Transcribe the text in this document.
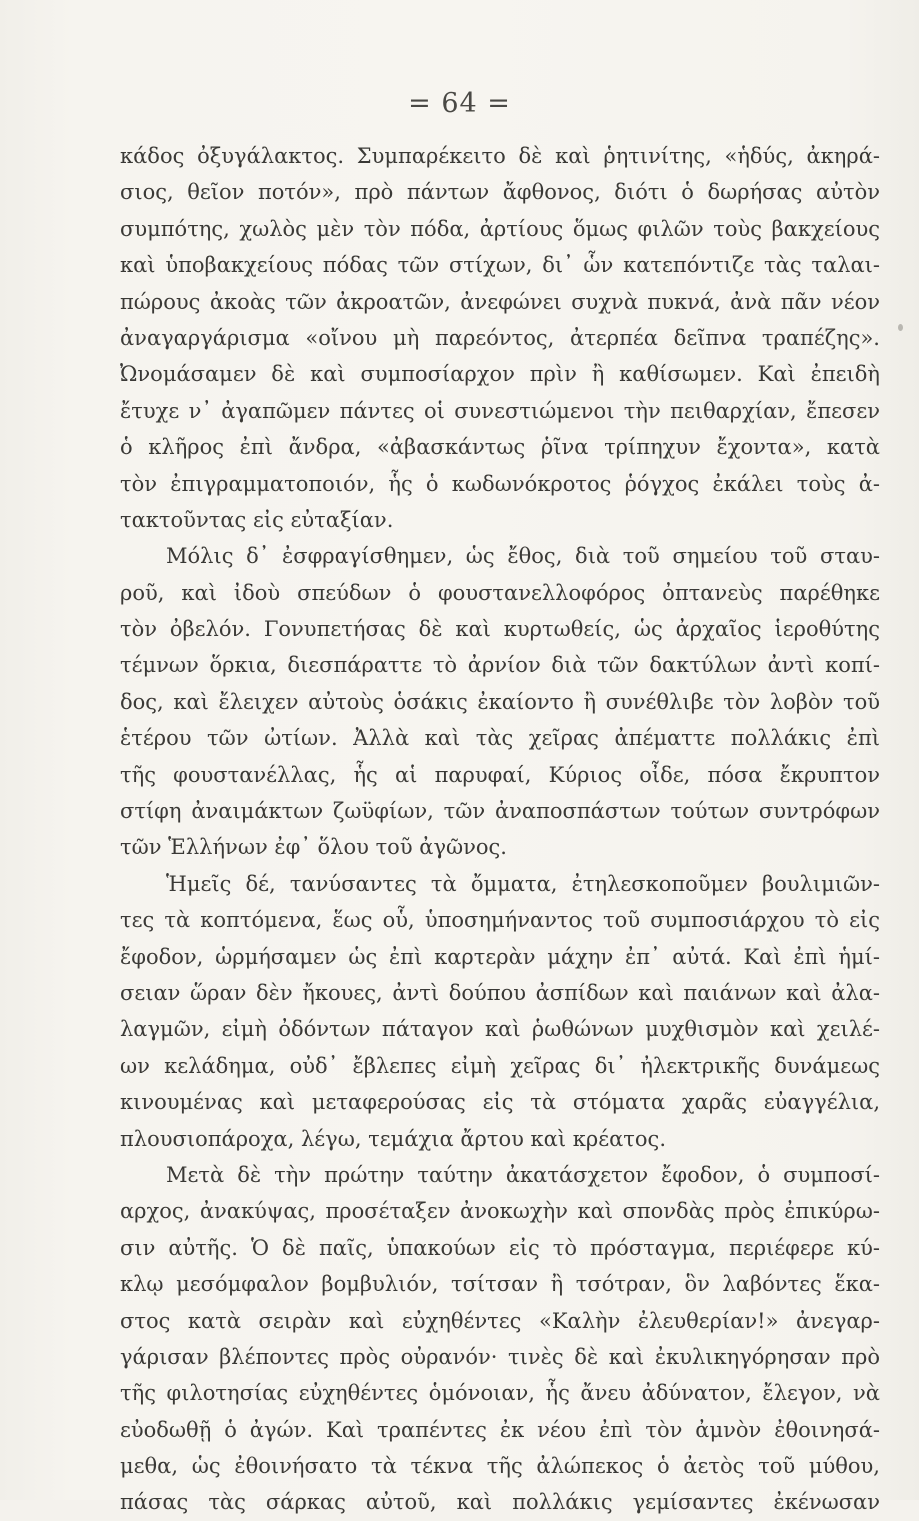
= 64 =
κάδος ὀξυγάλακτος. Συμπαρέκειτο δὲ καὶ ῥητινίτης, «ἡδύς, ἀκηρά-
σιος, θεῖον ποτόν», πρὸ πάντων ἄφθονος, διότι ὁ δωρήσας αὐτὸν
συμπότης, χωλὸς μὲν τὸν πόδα, ἀρτίους ὅμως φιλῶν τοὺς βακχείους
καὶ ὑποβακχείους πόδας τῶν στίχων, δι᾿ ὧν κατεπόντιζε τὰς ταλαι-
πώρους ἀκοὰς τῶν ἀκροατῶν, ἀνεφώνει συχνὰ πυκνά, ἀνὰ πᾶν νέον
ἀναγαργάρισμα «οἴνου μὴ παρεόντος, ἀτερπέα δεῖπνα τραπέζης».
Ὠνομάσαμεν δὲ καὶ συμποσίαρχον πρὶν ἢ καθίσωμεν. Καὶ ἐπειδὴ
ἔτυχε ν᾿ ἀγαπῶμεν πάντες οἱ συνεστιώμενοι τὴν πειθαρχίαν, ἔπεσεν
ὁ κλῆρος ἐπὶ ἄνδρα, «ἀβασκάντως ῥῖνα τρίπηχυν ἔχοντα», κατὰ
τὸν ἐπιγραμματοποιόν, ἧς ὁ κωδωνόκροτος ῥόγχος ἐκάλει τοὺς ἀ-
τακτοῦντας εἰς εὐταξίαν.
Μόλις δ᾿ ἐσφραγίσθημεν, ὡς ἔθος, διὰ τοῦ σημείου τοῦ σταυ-
ροῦ, καὶ ἰδοὺ σπεύδων ὁ φουστανελλοφόρος ὀπτανεὺς παρέθηκε
τὸν ὀβελόν. Γονυπετήσας δὲ καὶ κυρτωθείς, ὡς ἀρχαῖος ἱεροθύτης
τέμνων ὅρκια, διεσπάραττε τὸ ἀρνίον διὰ τῶν δακτύλων ἀντὶ κοπί-
δος, καὶ ἔλειχεν αὐτοὺς ὁσάκις ἐκαίοντο ἢ συνέθλιβε τὸν λοβὸν τοῦ
ἑτέρου τῶν ὠτίων. Ἀλλὰ καὶ τὰς χεῖρας ἀπέματτε πολλάκις ἐπὶ
τῆς φουστανέλλας, ἧς αἱ παρυφαί, Κύριος οἶδε, πόσα ἔκρυπτον
στίφη ἀναιμάκτων ζωϋφίων, τῶν ἀναποσπάστων τούτων συντρόφων
τῶν Ἑλλήνων ἐφ᾿ ὅλου τοῦ ἀγῶνος.
Ἡμεῖς δέ, τανύσαντες τὰ ὄμματα, ἐτηλεσκοποῦμεν βουλιμιῶν-
τες τὰ κοπτόμενα, ἕως οὗ, ὑποσημήναντος τοῦ συμποσιάρχου τὸ εἰς
ἔφοδον, ὡρμήσαμεν ὡς ἐπὶ καρτερὰν μάχην ἐπ᾿ αὐτά. Καὶ ἐπὶ ἡμί-
σειαν ὥραν δὲν ἤκουες, ἀντὶ δούπου ἀσπίδων καὶ παιάνων καὶ ἀλα-
λαγμῶν, εἰμὴ ὀδόντων πάταγον καὶ ῥωθώνων μυχθισμὸν καὶ χειλέ-
ων κελάδημα, οὐδ᾿ ἔβλεπες εἰμὴ χεῖρας δι᾿ ἠλεκτρικῆς δυνάμεως
κινουμένας καὶ μεταφερούσας εἰς τὰ στόματα χαρᾶς εὐαγγέλια,
πλουσιοπάροχα, λέγω, τεμάχια ἄρτου καὶ κρέατος.
Μετὰ δὲ τὴν πρώτην ταύτην ἀκατάσχετον ἔφοδον, ὁ συμποσί-
αρχος, ἀνακύψας, προσέταξεν ἀνοκωχὴν καὶ σπονδὰς πρὸς ἐπικύρω-
σιν αὐτῆς. Ὁ δὲ παῖς, ὑπακούων εἰς τὸ πρόσταγμα, περιέφερε κύ-
κλῳ μεσόμφαλον βομβυλιόν, τσίτσαν ἢ τσότραν, ὃν λαβόντες ἕκα-
στος κατὰ σειρὰν καὶ εὐχηθέντες «Καλὴν ἐλευθερίαν!» ἀνεγαρ-
γάρισαν βλέποντες πρὸς οὐρανόν· τινὲς δὲ καὶ ἐκυλικηγόρησαν πρὸ
τῆς φιλοτησίας εὐχηθέντες ὁμόνοιαν, ἧς ἄνευ ἀδύνατον, ἔλεγον, νὰ
εὐοδωθῇ ὁ ἀγών. Καὶ τραπέντες ἐκ νέου ἐπὶ τὸν ἀμνὸν ἐθοινησά-
μεθα, ὡς ἐθοινήσατο τὰ τέκνα τῆς ἀλώπεκος ὁ ἀετὸς τοῦ μύθου,
πάσας τὰς σάρκας αὐτοῦ, καὶ πολλάκις γεμίσαντες ἐκένωσαν
